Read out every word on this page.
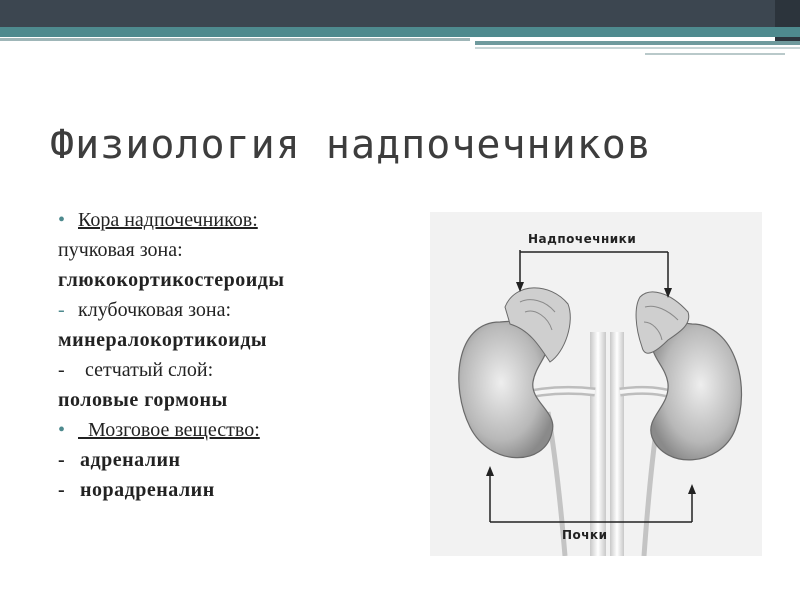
Физиология надпочечников
• Кора надпочечников:
пучковая зона:
глюкокортикостероиды
- клубочковая зона:
минералокортикоиды
- сетчатый слой:
половые гормоны
•  Мозговое вещество:
- адреналин
- норадреналин
Надпочечники
Почки
